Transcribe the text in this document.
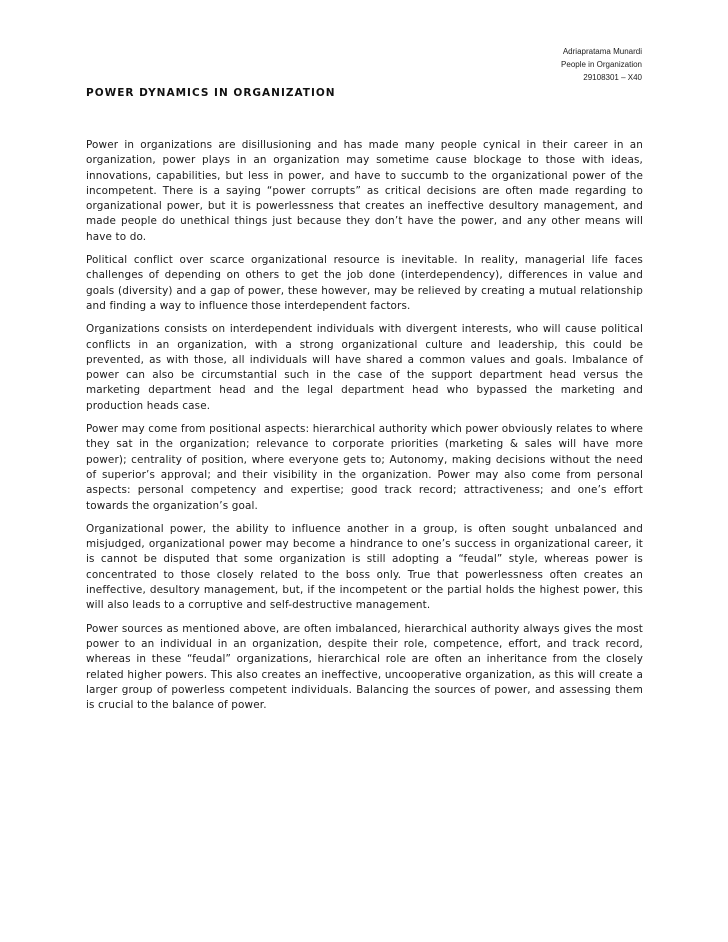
Adriapratama Munardi
People in Organization
29108301 – X40
POWER DYNAMICS IN ORGANIZATION

Power in organizations are disillusioning and has made many people cynical in their career in an organization, power plays in an organization may sometime cause blockage to those with ideas, innovations, capabilities, but less in power, and have to succumb to the organizational power of the incompetent. There is a saying “power corrupts” as critical decisions are often made regarding to organizational power, but it is powerlessness that creates an ineffective desultory management, and made people do unethical things just because they don’t have the power, and any other means will have to do.

Political conflict over scarce organizational resource is inevitable. In reality, managerial life faces challenges of depending on others to get the job done (interdependency), differences in value and goals (diversity) and a gap of power, these however, may be relieved by creating a mutual relationship and finding a way to influence those interdependent factors.

Organizations consists on interdependent individuals with divergent interests, who will cause political conflicts in an organization, with a strong organizational culture and leadership, this could be prevented, as with those, all individuals will have shared a common values and goals. Imbalance of power can also be circumstantial such in the case of the support department head versus the marketing department head and the legal department head who bypassed the marketing and production heads case.

Power may come from positional aspects: hierarchical authority which power obviously relates to where they sat in the organization; relevance to corporate priorities (marketing & sales will have more power); centrality of position, where everyone gets to; Autonomy, making decisions without the need of superior’s approval; and their visibility in the organization. Power may also come from personal aspects: personal competency and expertise; good track record; attractiveness; and one’s effort towards the organization’s goal.

Organizational power, the ability to influence another in a group, is often sought unbalanced and misjudged, organizational power may become a hindrance to one’s success in organizational career, it is cannot be disputed that some organization is still adopting a “feudal” style, whereas power is concentrated to those closely related to the boss only. True that powerlessness often creates an ineffective, desultory management, but, if the incompetent or the partial holds the highest power, this will also leads to a corruptive and self-destructive management.

Power sources as mentioned above, are often imbalanced, hierarchical authority always gives the most power to an individual in an organization, despite their role, competence, effort, and track record, whereas in these “feudal” organizations, hierarchical role are often an inheritance from the closely related higher powers. This also creates an ineffective, uncooperative organization, as this will create a larger group of powerless competent individuals. Balancing the sources of power, and assessing them is crucial to the balance of power.
